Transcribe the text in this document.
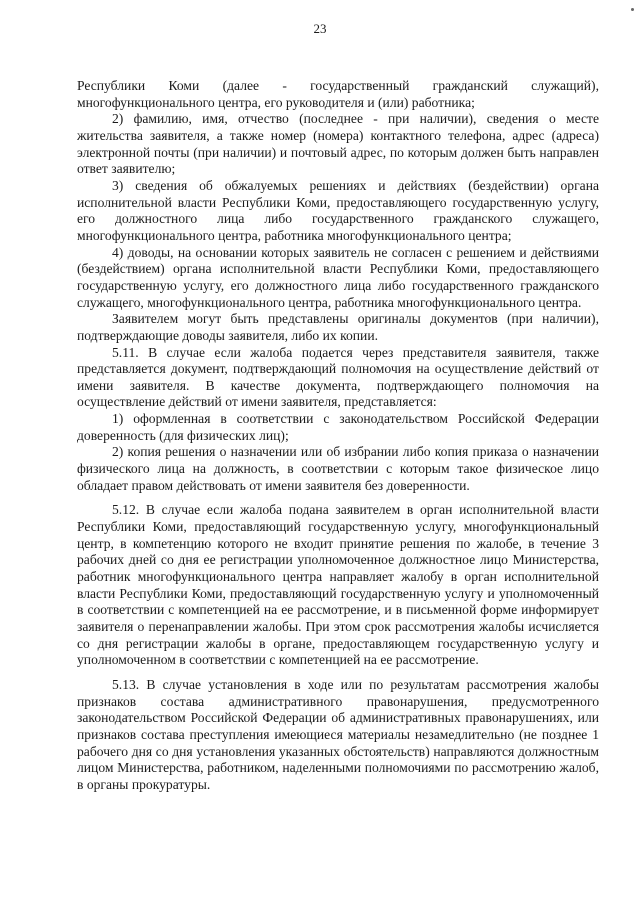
23

Республики Коми (далее - государственный гражданский служащий), многофункционального центра, его руководителя и (или) работника;

2) фамилию, имя, отчество (последнее - при наличии), сведения о месте жительства заявителя, а также номер (номера) контактного телефона, адрес (адреса) электронной почты (при наличии) и почтовый адрес, по которым должен быть направлен ответ заявителю;

3) сведения об обжалуемых решениях и действиях (бездействии) органа исполнительной власти Республики Коми, предоставляющего государственную услугу, его должностного лица либо государственного гражданского служащего, многофункционального центра, работника многофункционального центра;

4) доводы, на основании которых заявитель не согласен с решением и действиями (бездействием) органа исполнительной власти Республики Коми, предоставляющего государственную услугу, его должностного лица либо государственного гражданского служащего, многофункционального центра, работника многофункционального центра.

Заявителем могут быть представлены оригиналы документов (при наличии), подтверждающие доводы заявителя, либо их копии.

5.11. В случае если жалоба подается через представителя заявителя, также представляется документ, подтверждающий полномочия на осуществление действий от имени заявителя. В качестве документа, подтверждающего полномочия на осуществление действий от имени заявителя, представляется:

1) оформленная в соответствии с законодательством Российской Федерации доверенность (для физических лиц);

2) копия решения о назначении или об избрании либо копия приказа о назначении физического лица на должность, в соответствии с которым такое физическое лицо обладает правом действовать от имени заявителя без доверенности.

5.12. В случае если жалоба подана заявителем в орган исполнительной власти Республики Коми, предоставляющий государственную услугу, многофункциональный центр, в компетенцию которого не входит принятие решения по жалобе, в течение 3 рабочих дней со дня ее регистрации уполномоченное должностное лицо Министерства, работник многофункционального центра направляет жалобу в орган исполнительной власти Республики Коми, предоставляющий государственную услугу и уполномоченный в соответствии с компетенцией на ее рассмотрение, и в письменной форме информирует заявителя о перенаправлении жалобы. При этом срок рассмотрения жалобы исчисляется со дня регистрации жалобы в органе, предоставляющем государственную услугу и уполномоченном в соответствии с компетенцией на ее рассмотрение.

5.13. В случае установления в ходе или по результатам рассмотрения жалобы признаков состава административного правонарушения, предусмотренного законодательством Российской Федерации об административных правонарушениях, или признаков состава преступления имеющиеся материалы незамедлительно (не позднее 1 рабочего дня со дня установления указанных обстоятельств) направляются должностным лицом Министерства, работником, наделенными полномочиями по рассмотрению жалоб, в органы прокуратуры.
